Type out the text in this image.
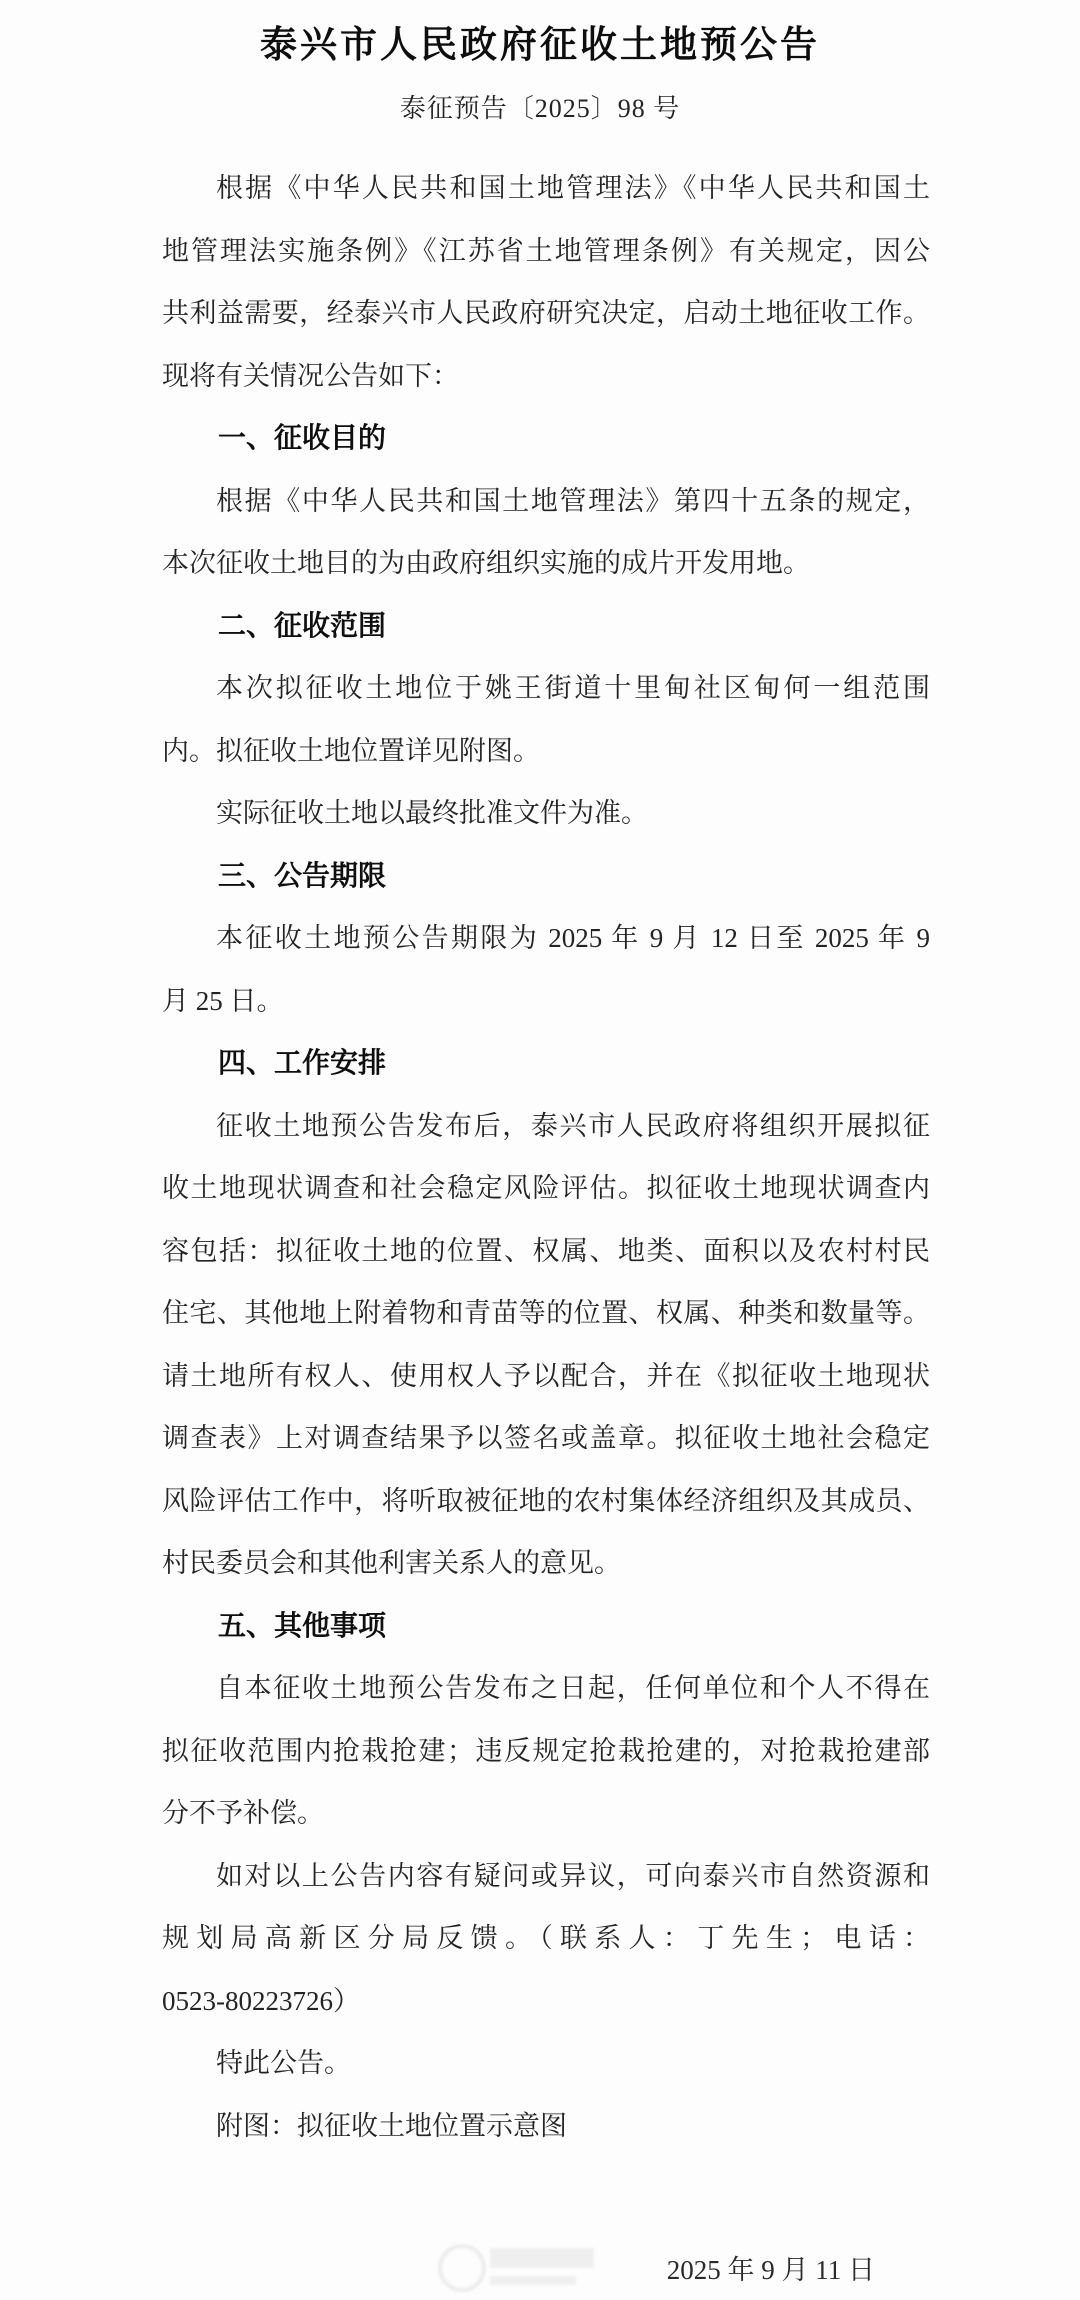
泰兴市人民政府征收土地预公告
泰征预告〔2025〕98 号
根据《中华人民共和国土地管理法》《中华人民共和国土
地管理法实施条例》《江苏省土地管理条例》有关规定，因公
共利益需要，经泰兴市人民政府研究决定，启动土地征收工作。
现将有关情况公告如下：
一、征收目的
根据《中华人民共和国土地管理法》第四十五条的规定，
本次征收土地目的为由政府组织实施的成片开发用地。
二、征收范围
本次拟征收土地位于姚王街道十里甸社区甸何一组范围
内。拟征收土地位置详见附图。
实际征收土地以最终批准文件为准。
三、公告期限
本征收土地预公告期限为 2025 年 9 月 12 日至 2025 年 9
月 25 日。
四、工作安排
征收土地预公告发布后，泰兴市人民政府将组织开展拟征
收土地现状调查和社会稳定风险评估。拟征收土地现状调查内
容包括：拟征收土地的位置、权属、地类、面积以及农村村民
住宅、其他地上附着物和青苗等的位置、权属、种类和数量等。
请土地所有权人、使用权人予以配合，并在《拟征收土地现状
调查表》上对调查结果予以签名或盖章。拟征收土地社会稳定
风险评估工作中，将听取被征地的农村集体经济组织及其成员、
村民委员会和其他利害关系人的意见。
五、其他事项
自本征收土地预公告发布之日起，任何单位和个人不得在
拟征收范围内抢栽抢建；违反规定抢栽抢建的，对抢栽抢建部
分不予补偿。
如对以上公告内容有疑问或异议，可向泰兴市自然资源和
规划局高新区分局反馈。（联系人：丁先生；电话：
0523-80223726）
特此公告。
附图：拟征收土地位置示意图
2025 年 9 月 11 日
